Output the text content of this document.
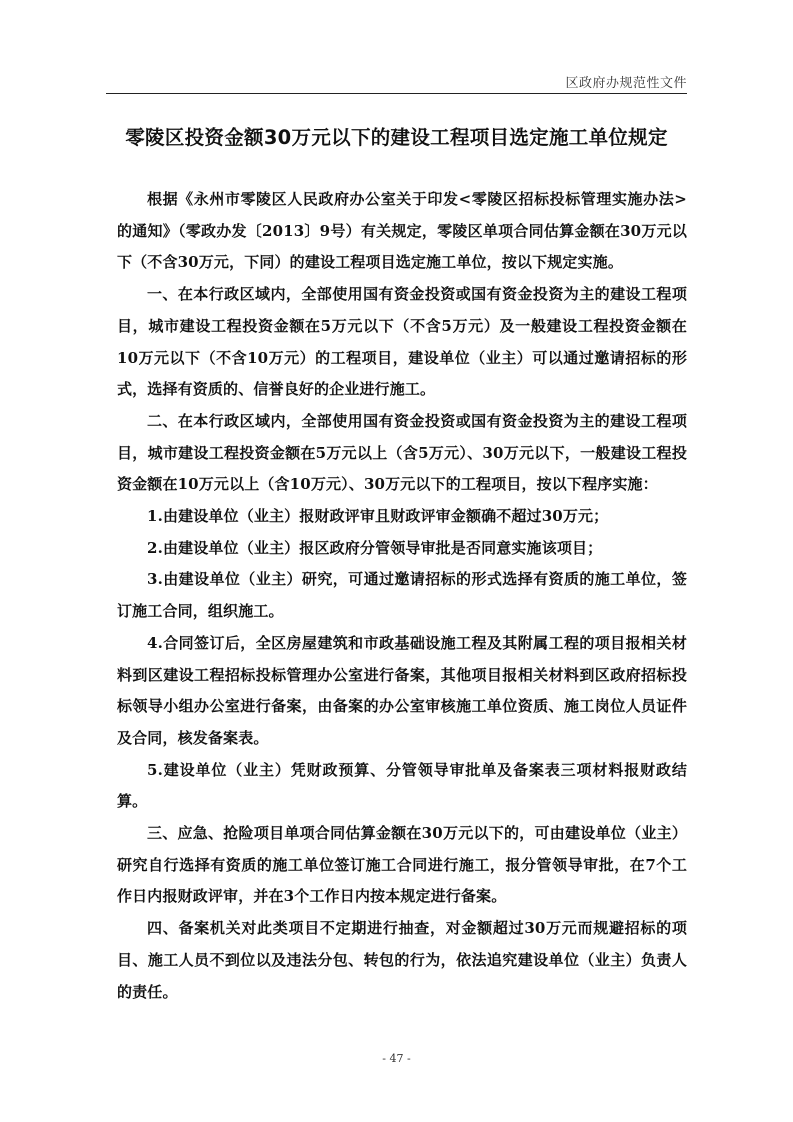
区政府办规范性文件
零陵区投资金额30万元以下的建设工程项目选定施工单位规定

根据《永州市零陵区人民政府办公室关于印发<零陵区招标投标管理实施办法>的通知》（零政办发〔2013〕9号）有关规定，零陵区单项合同估算金额在30万元以下（不含30万元，下同）的建设工程项目选定施工单位，按以下规定实施。

一、在本行政区域内，全部使用国有资金投资或国有资金投资为主的建设工程项目，城市建设工程投资金额在5万元以下（不含5万元）及一般建设工程投资金额在10万元以下（不含10万元）的工程项目，建设单位（业主）可以通过邀请招标的形式，选择有资质的、信誉良好的企业进行施工。

二、在本行政区域内，全部使用国有资金投资或国有资金投资为主的建设工程项目，城市建设工程投资金额在5万元以上（含5万元）、30万元以下，一般建设工程投资金额在10万元以上（含10万元）、30万元以下的工程项目，按以下程序实施：

1.由建设单位（业主）报财政评审且财政评审金额确不超过30万元；

2.由建设单位（业主）报区政府分管领导审批是否同意实施该项目；

3.由建设单位（业主）研究，可通过邀请招标的形式选择有资质的施工单位，签订施工合同，组织施工。

4.合同签订后，全区房屋建筑和市政基础设施工程及其附属工程的项目报相关材料到区建设工程招标投标管理办公室进行备案，其他项目报相关材料到区政府招标投标领导小组办公室进行备案，由备案的办公室审核施工单位资质、施工岗位人员证件及合同，核发备案表。

5.建设单位（业主）凭财政预算、分管领导审批单及备案表三项材料报财政结算。

三、应急、抢险项目单项合同估算金额在30万元以下的，可由建设单位（业主）研究自行选择有资质的施工单位签订施工合同进行施工，报分管领导审批，在7个工作日内报财政评审，并在3个工作日内按本规定进行备案。

四、备案机关对此类项目不定期进行抽查，对金额超过30万元而规避招标的项目、施工人员不到位以及违法分包、转包的行为，依法追究建设单位（业主）负责人的责任。

- 47 -
